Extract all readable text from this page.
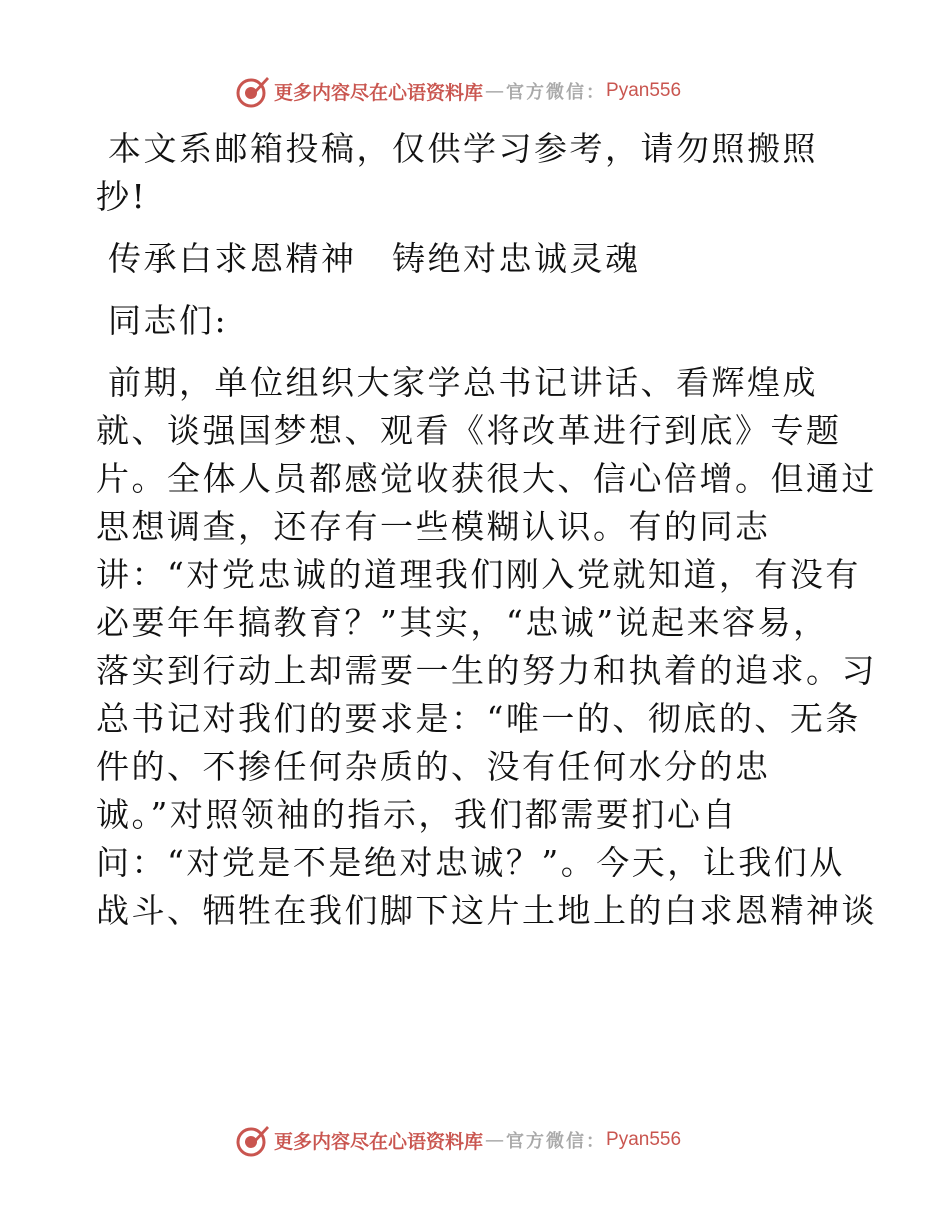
更多内容尽在心语资料库 — 官方微信： Pyan556

本文系邮箱投稿，仅供学习参考，请勿照搬照
抄!

传承白求恩精神　铸绝对忠诚灵魂

同志们:

前期，单位组织大家学总书记讲话、看辉煌成
就、谈强国梦想、观看《将改革进行到底》专题
片。全体人员都感觉收获很大、信心倍增。但通过
思想调查，还存有一些模糊认识。有的同志
讲：“对党忠诚的道理我们刚入党就知道，有没有
必要年年搞教育？”其实，“忠诚”说起来容易，
落实到行动上却需要一生的努力和执着的追求。习
总书记对我们的要求是：“唯一的、彻底的、无条
件的、不掺任何杂质的、没有任何水分的忠
诚。”对照领袖的指示，我们都需要扪心自
问：“对党是不是绝对忠诚？”。今天，让我们从
战斗、牺牲在我们脚下这片土地上的白求恩精神谈

更多内容尽在心语资料库 — 官方微信： Pyan556
